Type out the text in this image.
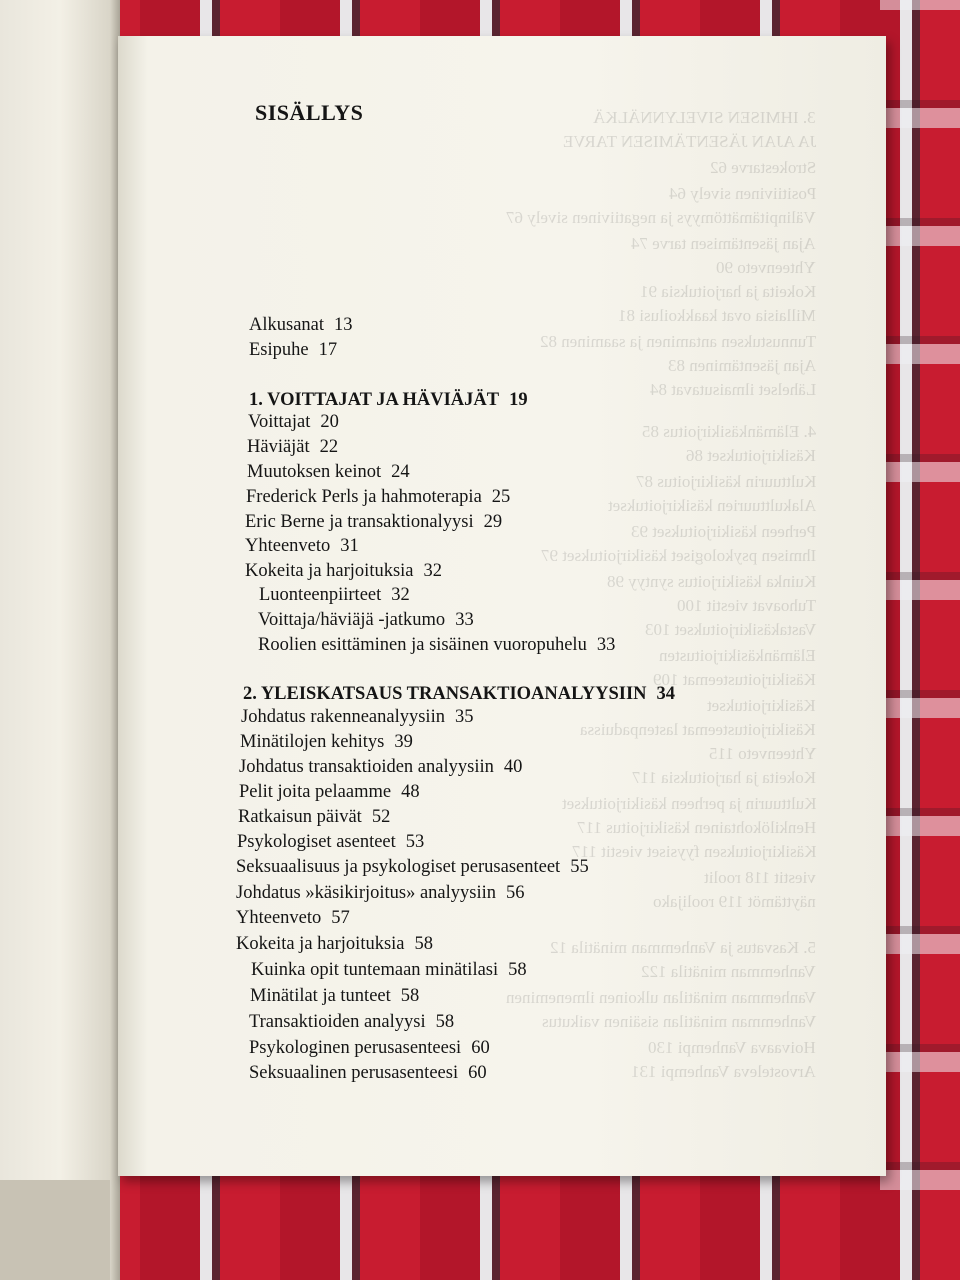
SISÄLLYS
Alkusanat 13
Esipuhe 17
1. VOITTAJAT JA HÄVIÄJÄT 19
Voittajat 20
Häviäjät 22
Muutoksen keinot 24
Frederick Perls ja hahmoterapia 25
Eric Berne ja transaktionalyysi 29
Yhteenveto 31
Kokeita ja harjoituksia 32
Luonteenpiirteet 32
Voittaja/häviäjä -jatkumo 33
Roolien esittäminen ja sisäinen vuoropuhelu 33
2. YLEISKATSAUS TRANSAKTIOANALYYSIIN 34
Johdatus rakenneanalyysiin 35
Minätilojen kehitys 39
Johdatus transaktioiden analyysiin 40
Pelit joita pelaamme 48
Ratkaisun päivät 52
Psykologiset asenteet 53
Seksuaalisuus ja psykologiset perusasenteet 55
Johdatus »käsikirjoitus» analyysiin 56
Yhteenveto 57
Kokeita ja harjoituksia 58
Kuinka opit tuntemaan minätilasi 58
Minätilat ja tunteet 58
Transaktioiden analyysi 58
Psykologinen perusasenteesi 60
Seksuaalinen perusasenteesi 60
